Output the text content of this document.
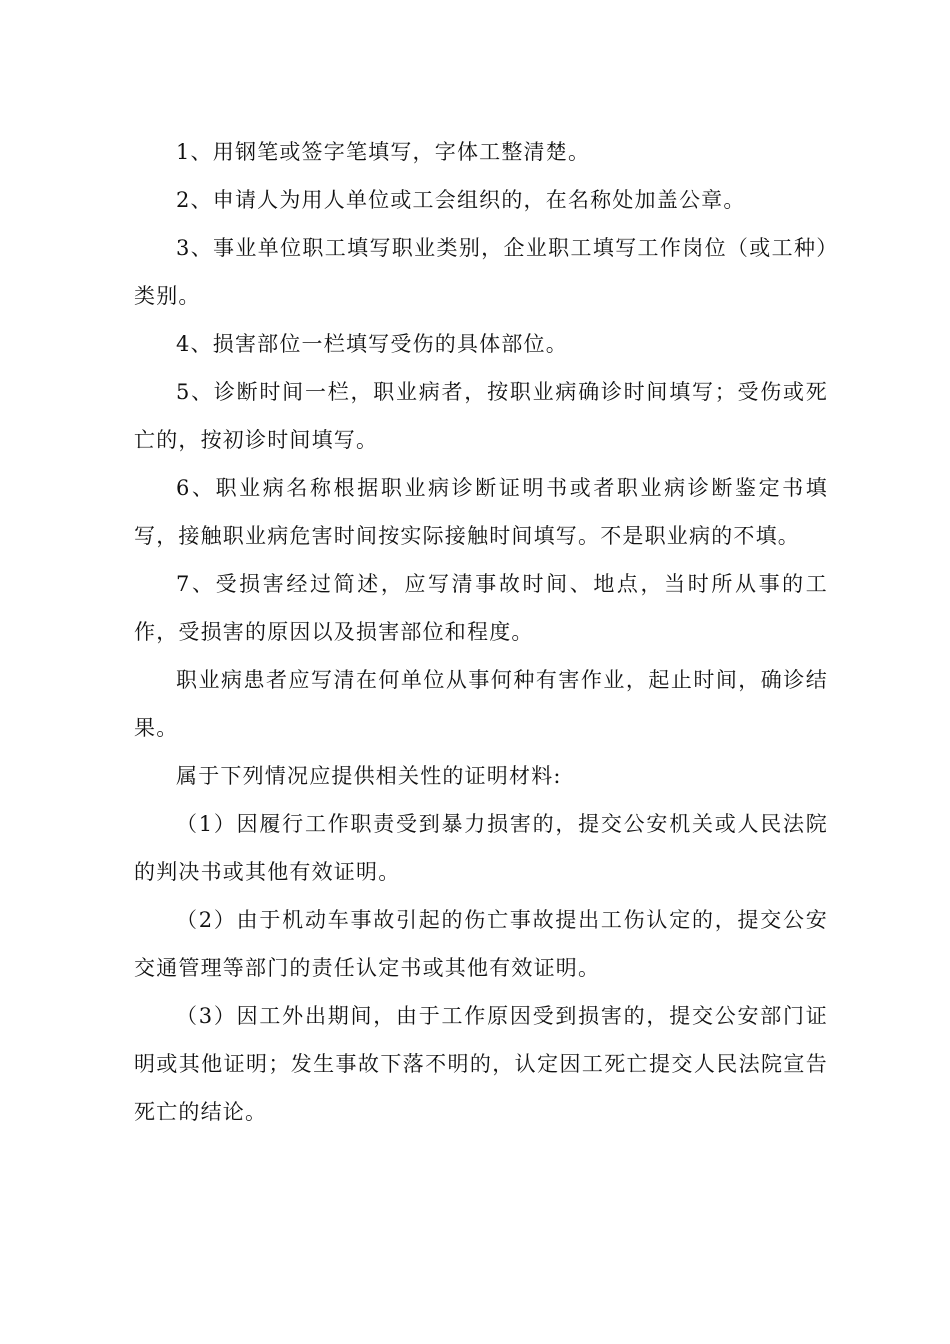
1、用钢笔或签字笔填写，字体工整清楚。

2、申请人为用人单位或工会组织的，在名称处加盖公章。

3、事业单位职工填写职业类别，企业职工填写工作岗位（或工种）类别。

4、损害部位一栏填写受伤的具体部位。

5、诊断时间一栏，职业病者，按职业病确诊时间填写；受伤或死亡的，按初诊时间填写。

6、职业病名称根据职业病诊断证明书或者职业病诊断鉴定书填写，接触职业病危害时间按实际接触时间填写。不是职业病的不填。

7、受损害经过简述，应写清事故时间、地点，当时所从事的工作，受损害的原因以及损害部位和程度。

职业病患者应写清在何单位从事何种有害作业，起止时间，确诊结果。

属于下列情况应提供相关性的证明材料:

（1）因履行工作职责受到暴力损害的，提交公安机关或人民法院的判决书或其他有效证明。

（2）由于机动车事故引起的伤亡事故提出工伤认定的，提交公安交通管理等部门的责任认定书或其他有效证明。

（3）因工外出期间，由于工作原因受到损害的，提交公安部门证明或其他证明；发生事故下落不明的，认定因工死亡提交人民法院宣告死亡的结论。
